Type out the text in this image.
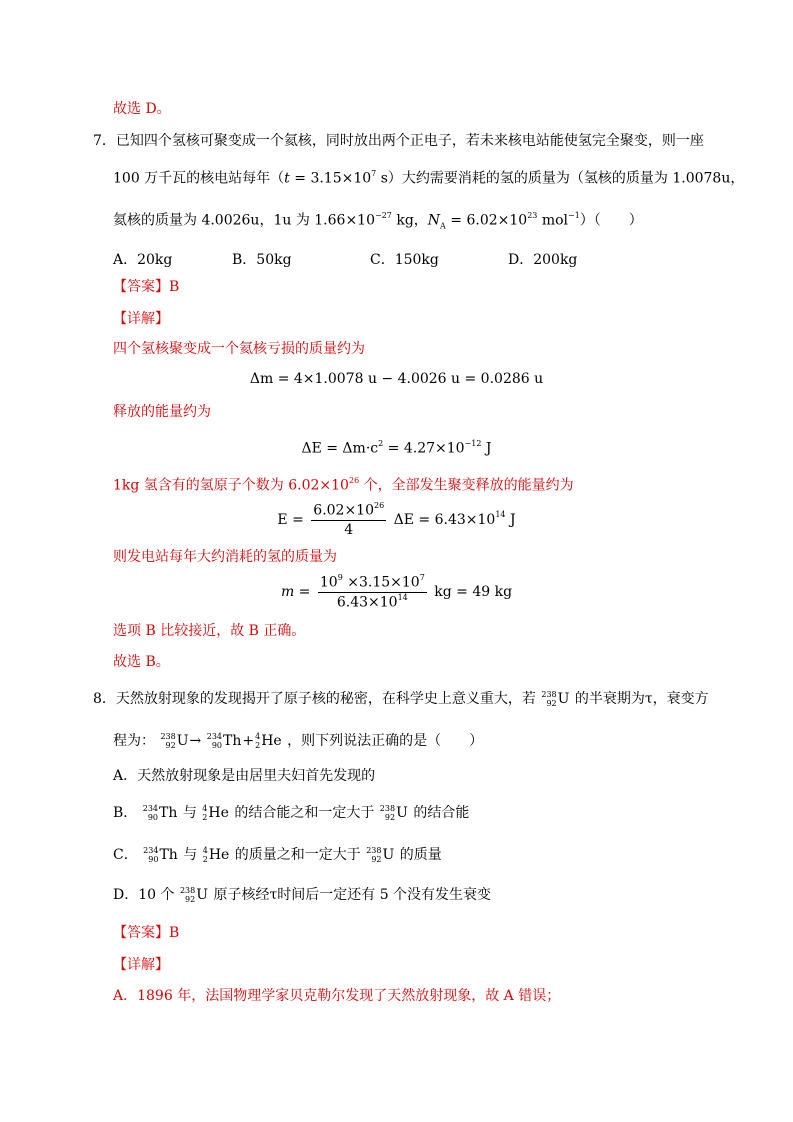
故选 D。
7．已知四个氢核可聚变成一个氦核，同时放出两个正电子，若未来核电站能使氢完全聚变，则一座
100 万千瓦的核电站每年（$t = 3.15\times 10^7$ s）大约需要消耗的氢的质量为（氢核的质量为 1.0078u，
氦核的质量为 4.0026u，1u 为 $1.66\times 10^{-27}$ kg，$N_A = 6.02\times 10^{23}$ mol$^{-1}$）（　　）
A．20kg	B．50kg	C．150kg	D．200kg
【答案】B
【详解】
四个氢核聚变成一个氦核亏损的质量约为
Δm = 4×1.0078 u − 4.0026 u = 0.0286 u
释放的能量约为
$\Delta E = \Delta m\cdot c^2 = 4.27\times 10^{-12}$ J
1kg 氢含有的氢原子个数为 $6.02\times 10^{26}$ 个，全部发生聚变释放的能量约为
$E = \frac{6.02\times 10^{26}}{4}$ $\Delta E = 6.43\times 10^{14}$ J
则发电站每年大约消耗的氢的质量为
$m = \frac{10^9 \times 3.15\times 10^7}{6.43\times 10^{14}}$ kg = 49 kg
选项 B 比较接近，故 B 正确。
故选 B。
8．天然放射现象的发现揭开了原子核的秘密，在科学史上意义重大，若 238
92 U 的半衰期为τ，衰变方
程为： 238
92 U → 234
90 Th + 4
2 He ，则下列说法正确的是（　　）
A．天然放射现象是由居里夫妇首先发现的
B． 234
90 Th 与 4
2 He 的结合能之和一定大于 238
92 U 的结合能
C． 234
90 Th 与 4
2 He 的质量之和一定大于 238
92 U 的质量
D．10 个 238
92 U 原子核经τ时间后一定还有 5 个没有发生衰变
【答案】B
【详解】
A．1896 年，法国物理学家贝克勒尔发现了天然放射现象，故 A 错误；
